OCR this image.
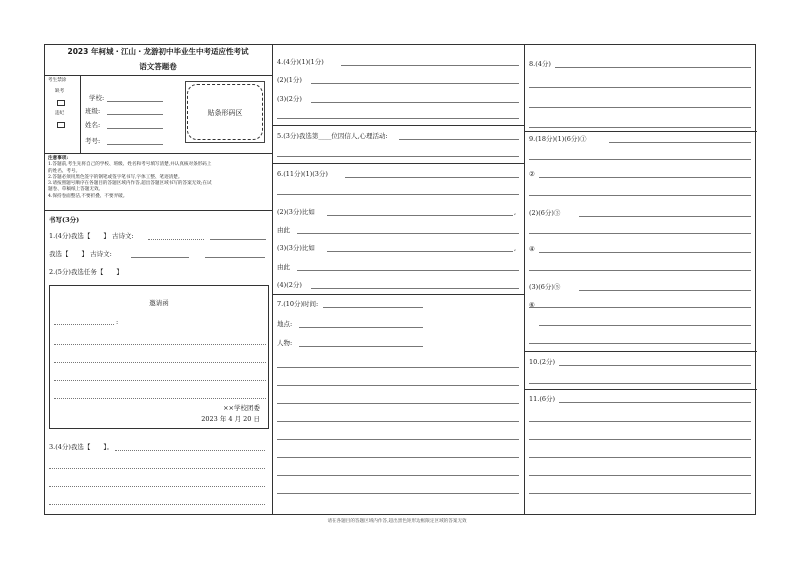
2023 年柯城・江山・龙游初中毕业生中考适应性考试
语文答题卷
考生禁涂
缺考
违纪
学校:
班级:
姓名:
考号:
贴条形码区
注意事项:
1.答题前,考生先将自己的学校、班级、姓名和考号填写清楚,并认真核对条形码上
的姓名、考号。
2.答题必须用黑色签字的钢笔或签字笔书写,字体工整、笔迹清楚。
3.请按照题号顺序在各题目的答题区域内作答,超出答题区域书写的答案无效;在试
题卷、草稿纸上答题无效。
4.保持卷面整洁,不要折叠、不要弄破。
书写(3分)
1.(4分)我选【　　】 古诗文:
我选【　　】 古诗文:
2.(5分)我选任务【　　】
邀请函
:
××学校团委
2023 年 4 月 20 日
3.(4分)我选【　　】。
4.(4分)(1)(1分)
(2)(1分)
(3)(2分)
5.(3分)我选第____位因信人,心理活动:
6.(11分)(1)(3分)
(2)(3分)比如	,
由此
(3)(3分)比如	,
由此
(4)(2分)
7.(10分)时间:
地点:
人物:
8.(4分)
9.(18分)(1)(6分)①
②
(2)(6分)③
④
(3)(6分)⑤
⑥
10.(2分)
11.(6分)
请在各题目的答题区域内作答,超出黑色矩形边框限定区域的答案无效
